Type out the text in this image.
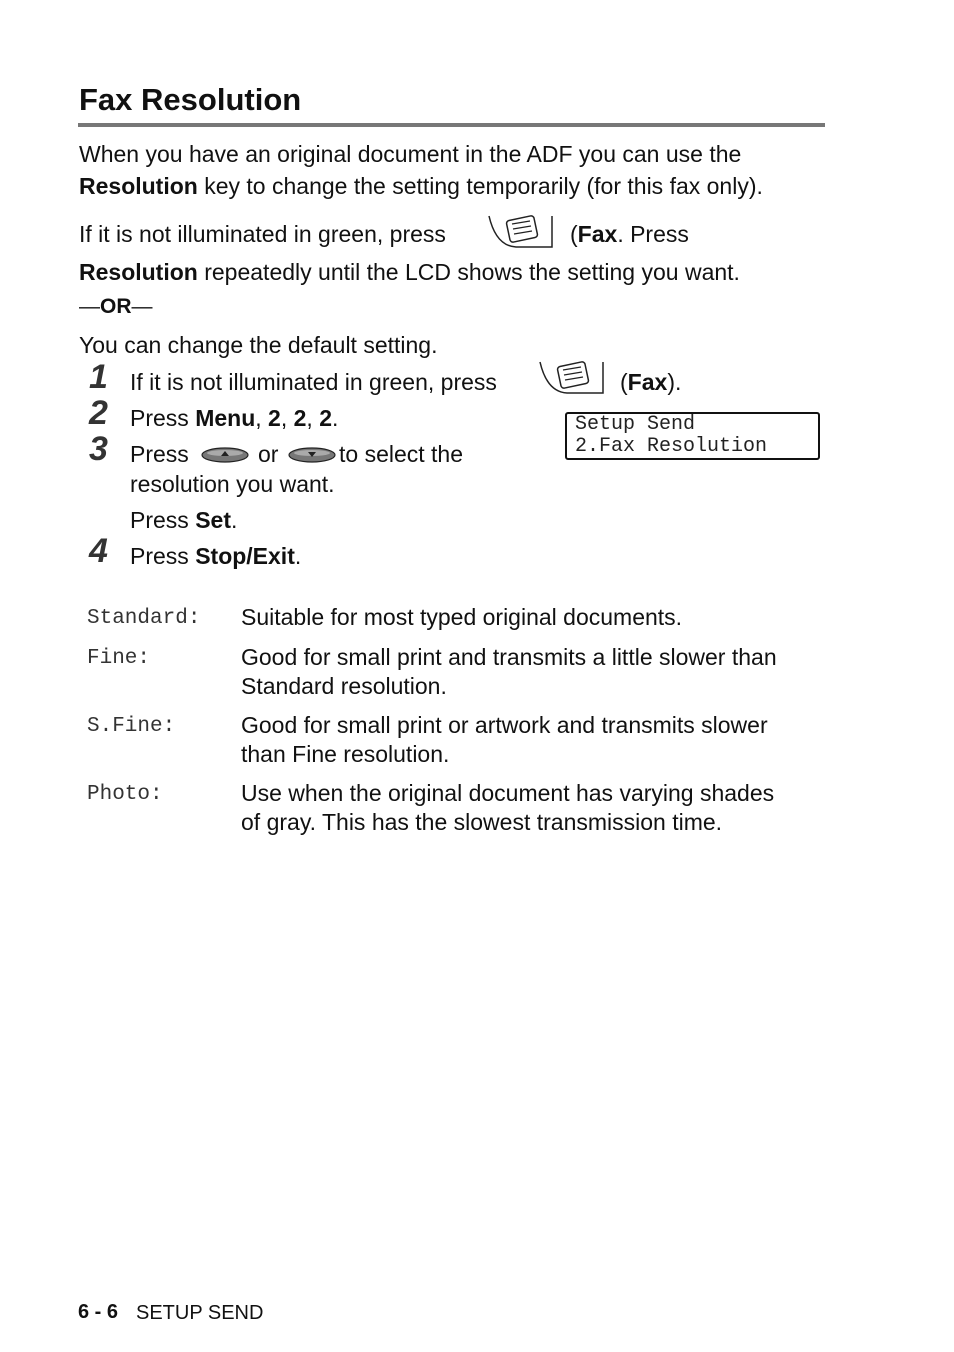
Fax Resolution
When you have an original document in the ADF you can use the
Resolution key to change the setting temporarily (for this fax only).
If it is not illuminated in green, press	(Fax. Press
Resolution repeatedly until the LCD shows the setting you want.
—OR—
You can change the default setting.
1 If it is not illuminated in green, press	(Fax).
2 Press Menu, 2, 2, 2.	Setup Send
2.Fax Resolution
3 Press	or	to select the
resolution you want.
Press Set.
4 Press Stop/Exit.
Standard: Suitable for most typed original documents.
Fine:	Good for small print and transmits a little slower than
Standard resolution.
S.Fine:	Good for small print or artwork and transmits slower
than Fine resolution.
Photo:	Use when the original document has varying shades
of gray. This has the slowest transmission time.
6 - 6 SETUP SEND
